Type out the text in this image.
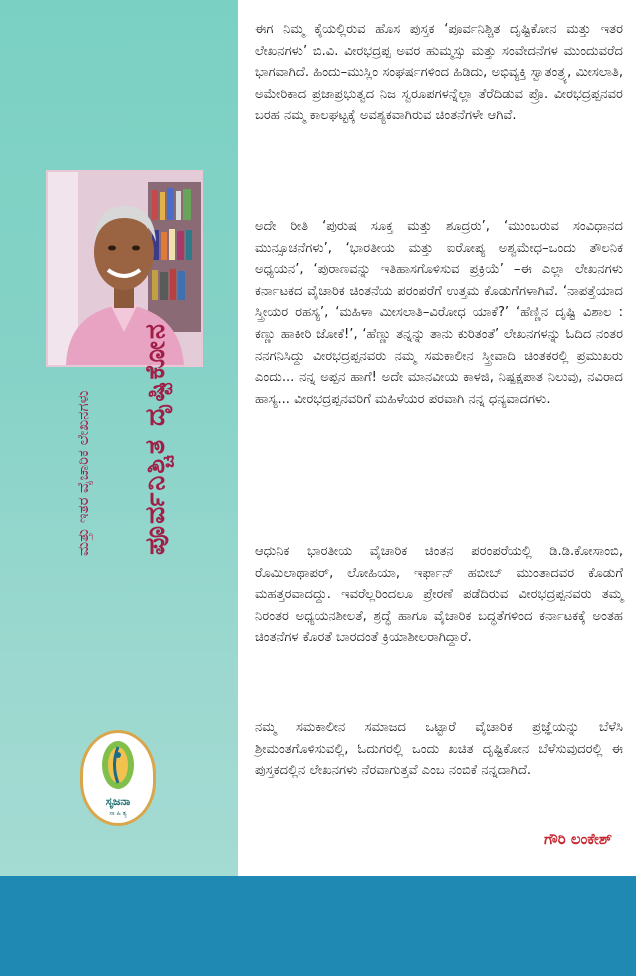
ಪೂರ್ವನಿಶ್ಚಿತ ದೃಷ್ಟಿಕೋನ
ಮತ್ತು ಇತರ ವೈಚಾರಿಕ ಲೇಖನಗಳು
ಸೃಜನಾ
ಸಾ ಹಿ ತ್ಯ

ಈಗ ನಿಮ್ಮ ಕೈಯಲ್ಲಿರುವ ಹೊಸ ಪುಸ್ತಕ ‘ಪೂರ್ವನಿಶ್ಚಿತ ದೃಷ್ಟಿಕೋನ ಮತ್ತು ಇತರ ಲೇಖನಗಳು’ ಬಿ.ವಿ. ವೀರಭದ್ರಪ್ಪ ಅವರ ಹುಮ್ಮಸ್ಸು ಮತ್ತು ಸಂವೇದನೆಗಳ ಮುಂದುವರೆದ ಭಾಗವಾಗಿದೆ. ಹಿಂದು–ಮುಸ್ಲಿಂ ಸಂಘರ್ಷಗಳಿಂದ ಹಿಡಿದು, ಅಭಿವ್ಯಕ್ತಿ ಸ್ವಾತಂತ್ರ್ಯ, ಮೀಸಲಾತಿ, ಅಮೇರಿಕಾದ ಪ್ರಜಾಪ್ರಭುತ್ವದ ನಿಜ ಸ್ವರೂಪಗಳನ್ನೆಲ್ಲಾ ತೆರೆದಿಡುವ ಪ್ರೊ. ವೀರಭದ್ರಪ್ಪನವರ ಬರಹ ನಮ್ಮ ಕಾಲಘಟ್ಟಕ್ಕೆ ಅವಶ್ಯಕವಾಗಿರುವ ಚಿಂತನೆಗಳೇ ಆಗಿವೆ.

ಅದೇ ರೀತಿ ‘ಪುರುಷ ಸೂಕ್ತ ಮತ್ತು ಶೂದ್ರರು’, ‘ಮುಂಬರುವ ಸಂವಿಧಾನದ ಮುನ್ಸೂಚನೆಗಳು’, ‘ಭಾರತೀಯ ಮತ್ತು ಐರೋಪ್ಯ ಅಶ್ವಮೇಧ–ಒಂದು ತೌಲನಿಕ ಅಧ್ಯಯನ’, ‘ಪುರಾಣವನ್ನು ಇತಿಹಾಸಗೊಳಿಸುವ ಪ್ರಕ್ರಿಯೆ’ –ಈ ಎಲ್ಲಾ ಲೇಖನಗಳು ಕರ್ನಾಟಕದ ವೈಚಾರಿಕ ಚಿಂತನೆಯ ಪರಂಪರೆಗೆ ಉತ್ತಮ ಕೊಡುಗೆಗಳಾಗಿವೆ. ‘ನಾಪತ್ತೆಯಾದ ಸ್ತ್ರೀಯರ ರಹಸ್ಯ’, ‘ಮಹಿಳಾ ಮೀಸಲಾತಿ–ವಿರೋಧ ಯಾಕೆ?’ ‘ಹೆಣ್ಣಿನ ದೃಷ್ಟಿ ವಿಶಾಲ : ಕಣ್ಣು ಹಾಕೀರಿ ಜೋಕೆ!’, ‘ಹೆಣ್ಣು ತನ್ನನ್ನು ತಾನು ಕುರಿತಂತೆ’ ಲೇಖನಗಳನ್ನು ಓದಿದ ನಂತರ ನನಗನಿಸಿದ್ದು ವೀರಭದ್ರಪ್ಪನವರು ನಮ್ಮ ಸಮಕಾಲೀನ ಸ್ತ್ರೀವಾದಿ ಚಿಂತಕರಲ್ಲಿ ಪ್ರಮುಖರು ಎಂದು... ನನ್ನ ಅಪ್ಪನ ಹಾಗೆ! ಅದೇ ಮಾನವೀಯ ಕಾಳಜಿ, ನಿಷ್ಪಕ್ಷಪಾತ ನಿಲುವು, ನವಿರಾದ ಹಾಸ್ಯ... ವೀರಭದ್ರಪ್ಪನವರಿಗೆ ಮಹಿಳೆಯರ ಪರವಾಗಿ ನನ್ನ ಧನ್ಯವಾದಗಳು.

ಆಧುನಿಕ ಭಾರತೀಯ ವೈಚಾರಿಕ ಚಿಂತನ ಪರಂಪರೆಯಲ್ಲಿ ಡಿ.ಡಿ.ಕೋಸಾಂಬಿ, ರೊಮಿಲಾಥಾಪರ್, ಲೋಹಿಯಾ, ಇರ್ಫಾನ್ ಹಬೀಬ್ ಮುಂತಾದವರ ಕೊಡುಗೆ ಮಹತ್ತರವಾದದ್ದು. ಇವರೆಲ್ಲರಿಂದಲೂ ಪ್ರೇರಣೆ ಪಡೆದಿರುವ ವೀರಭದ್ರಪ್ಪನವರು ತಮ್ಮ ನಿರಂತರ ಅಧ್ಯಯನಶೀಲತೆ, ಶ್ರದ್ಧೆ ಹಾಗೂ ವೈಚಾರಿಕ ಬದ್ಧತೆಗಳಿಂದ ಕರ್ನಾಟಕಕ್ಕೆ ಅಂತಹ ಚಿಂತನೆಗಳ ಕೊರತೆ ಬಾರದಂತೆ ಕ್ರಿಯಾಶೀಲರಾಗಿದ್ದಾರೆ.

ನಮ್ಮ ಸಮಕಾಲೀನ ಸಮಾಜದ ಒಟ್ಟಾರೆ ವೈಚಾರಿಕ ಪ್ರಜ್ಞೆಯನ್ನು ಬೆಳೆಸಿ ಶ್ರೀಮಂತಗೊಳಿಸುವಲ್ಲಿ, ಓದುಗರಲ್ಲಿ ಒಂದು ಖಚಿತ ದೃಷ್ಟಿಕೋನ ಬೆಳೆಸುವುದರಲ್ಲಿ ಈ ಪುಸ್ತಕದಲ್ಲಿನ ಲೇಖನಗಳು ನೆರವಾಗುತ್ತವೆ ಎಂಬ ನಂಬಿಕೆ ನನ್ನದಾಗಿದೆ.

ಗೌರಿ ಲಂಕೇಶ್
